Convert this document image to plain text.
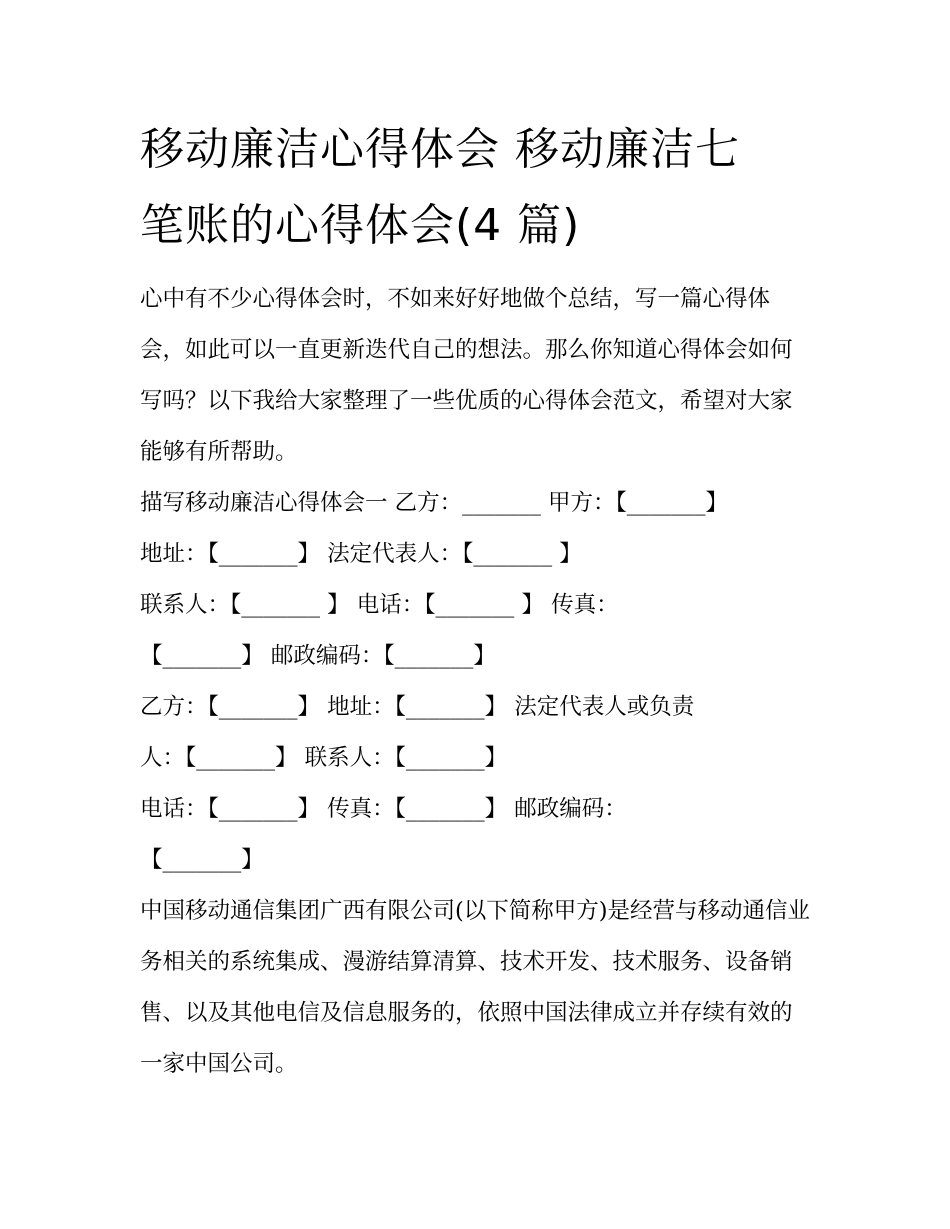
移动廉洁心得体会 移动廉洁七
笔账的心得体会(4 篇)

心中有不少心得体会时，不如来好好地做个总结，写一篇心得体会，如此可以一直更新迭代自己的想法。那么你知道心得体会如何写吗？以下我给大家整理了一些优质的心得体会范文，希望对大家能够有所帮助。

描写移动廉洁心得体会一 乙方：_______ 甲方：【_______】

地址：【_______】 法定代表人：【_______ 】

联系人：【_______ 】 电话：【_______ 】 传真：

【_______】 邮政编码：【_______】

乙方：【_______】 地址：【_______】 法定代表人或负责

人：【_______】 联系人：【_______】

电话：【_______】 传真：【_______】 邮政编码：

【_______】

中国移动通信集团广西有限公司(以下简称甲方)是经营与移动通信业务相关的系统集成、漫游结算清算、技术开发、技术服务、设备销售、以及其他电信及信息服务的，依照中国法律成立并存续有效的一家中国公司。
